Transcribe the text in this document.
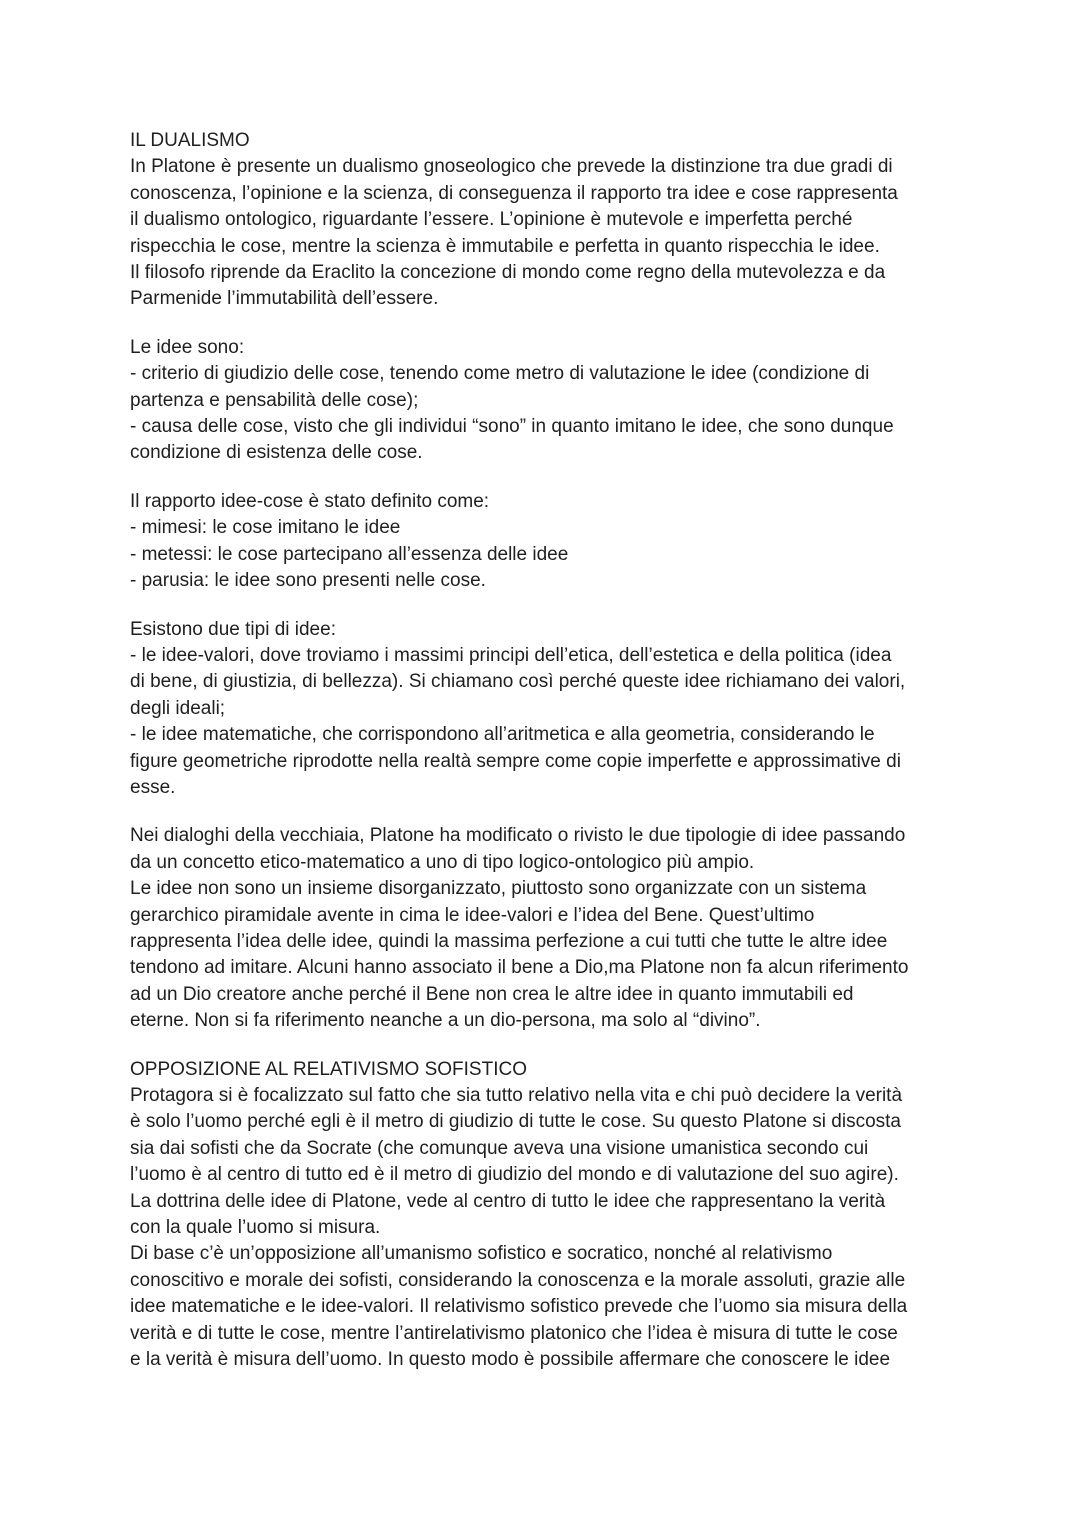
IL DUALISMO
In Platone è presente un dualismo gnoseologico che prevede la distinzione tra due gradi di
conoscenza, l’opinione e la scienza, di conseguenza il rapporto tra idee e cose rappresenta
il dualismo ontologico, riguardante l’essere. L’opinione è mutevole e imperfetta perché
rispecchia le cose, mentre la scienza è immutabile e perfetta in quanto rispecchia le idee.
Il filosofo riprende da Eraclito la concezione di mondo come regno della mutevolezza e da
Parmenide l’immutabilità dell’essere.
Le idee sono:
- criterio di giudizio delle cose, tenendo come metro di valutazione le idee (condizione di
partenza e pensabilità delle cose);
- causa delle cose, visto che gli individui “sono” in quanto imitano le idee, che sono dunque
condizione di esistenza delle cose.
Il rapporto idee-cose è stato definito come:
- mimesi: le cose imitano le idee
- metessi: le cose partecipano all’essenza delle idee
- parusia: le idee sono presenti nelle cose.
Esistono due tipi di idee:
- le idee-valori, dove troviamo i massimi principi dell’etica, dell’estetica e della politica (idea
di bene, di giustizia, di bellezza). Si chiamano così perché queste idee richiamano dei valori,
degli ideali;
- le idee matematiche, che corrispondono all’aritmetica e alla geometria, considerando le
figure geometriche riprodotte nella realtà sempre come copie imperfette e approssimative di
esse.
Nei dialoghi della vecchiaia, Platone ha modificato o rivisto le due tipologie di idee passando
da un concetto etico-matematico a uno di tipo logico-ontologico più ampio.
Le idee non sono un insieme disorganizzato, piuttosto sono organizzate con un sistema
gerarchico piramidale avente in cima le idee-valori e l’idea del Bene. Quest’ultimo
rappresenta l’idea delle idee, quindi la massima perfezione a cui tutti che tutte le altre idee
tendono ad imitare. Alcuni hanno associato il bene a Dio,ma Platone non fa alcun riferimento
ad un Dio creatore anche perché il Bene non crea le altre idee in quanto immutabili ed
eterne. Non si fa riferimento neanche a un dio-persona, ma solo al “divino”.
OPPOSIZIONE AL RELATIVISMO SOFISTICO
Protagora si è focalizzato sul fatto che sia tutto relativo nella vita e chi può decidere la verità
è solo l’uomo perché egli è il metro di giudizio di tutte le cose. Su questo Platone si discosta
sia dai sofisti che da Socrate (che comunque aveva una visione umanistica secondo cui
l’uomo è al centro di tutto ed è il metro di giudizio del mondo e di valutazione del suo agire).
La dottrina delle idee di Platone, vede al centro di tutto le idee che rappresentano la verità
con la quale l’uomo si misura.
Di base c’è un’opposizione all’umanismo sofistico e socratico, nonché al relativismo
conoscitivo e morale dei sofisti, considerando la conoscenza e la morale assoluti, grazie alle
idee matematiche e le idee-valori. Il relativismo sofistico prevede che l’uomo sia misura della
verità e di tutte le cose, mentre l’antirelativismo platonico che l’idea è misura di tutte le cose
e la verità è misura dell’uomo. In questo modo è possibile affermare che conoscere le idee
